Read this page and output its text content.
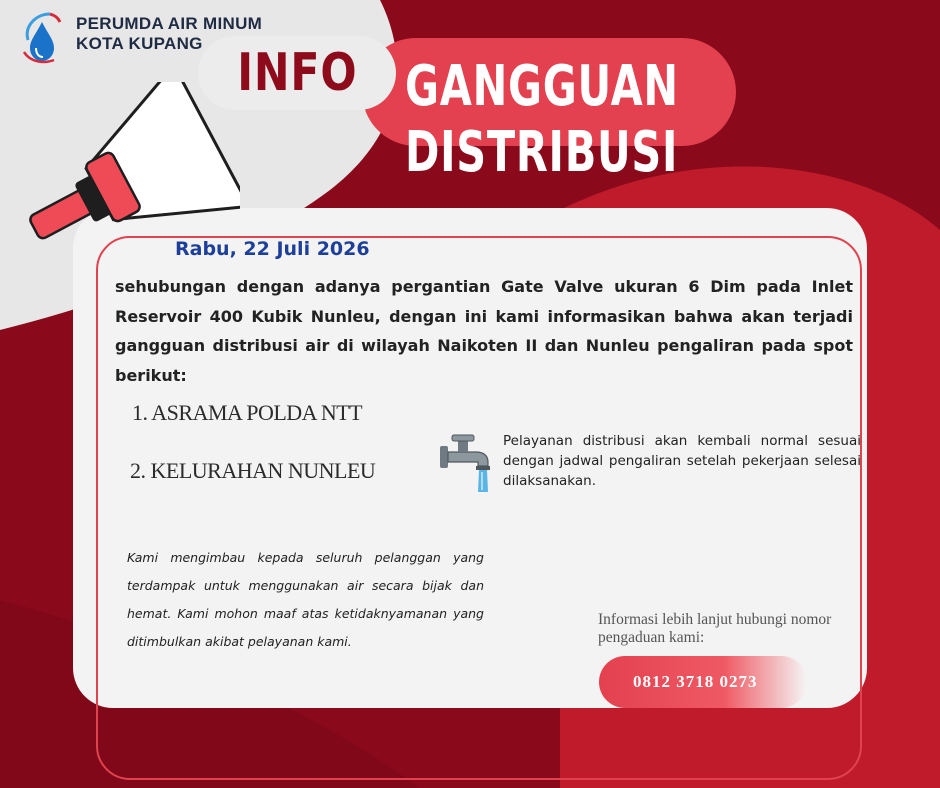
PERUMDA AIR MINUM
KOTA KUPANG INFO GANGGUAN
DISTRIBUSI
Rabu, 22 Juli 2026
sehubungan dengan adanya pergantian Gate Valve ukuran 6 Dim pada Inlet Reservoir 400 Kubik Nunleu, dengan ini kami informasikan bahwa akan terjadi gangguan distribusi air di wilayah Naikoten II dan Nunleu pengaliran pada spot berikut:
1. ASRAMA POLDA NTT
2. KELURAHAN NUNLEU
Pelayanan distribusi akan kembali normal sesuai dengan jadwal pengaliran setelah pekerjaan selesai dilaksanakan.
Kami mengimbau kepada seluruh pelanggan yang terdampak untuk menggunakan air secara bijak dan hemat. Kami mohon maaf atas ketidaknyamanan yang ditimbulkan akibat pelayanan kami.
Informasi lebih lanjut hubungi nomor pengaduan kami:
0812 3718 0273
